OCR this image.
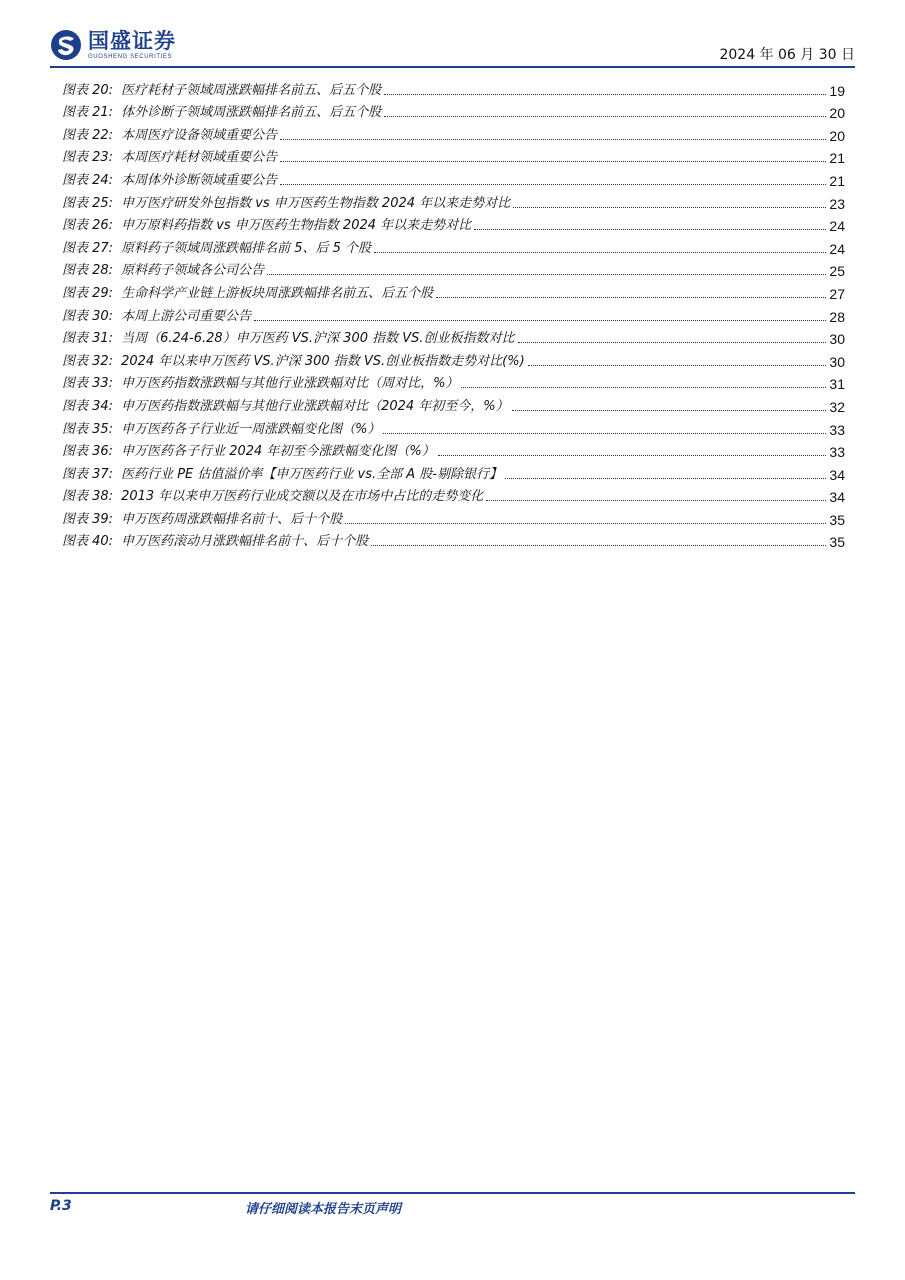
国盛证券
GUOSHENG SECURITIES	2024 年 06 月 30 日
图表 20: 医疗耗材子领域周涨跌幅排名前五、后五个股	19
图表 21: 体外诊断子领域周涨跌幅排名前五、后五个股	20
图表 22: 本周医疗设备领域重要公告	20
图表 23: 本周医疗耗材领域重要公告	21
图表 24: 本周体外诊断领域重要公告	21
图表 25: 申万医疗研发外包指数 vs 申万医药生物指数 2024 年以来走势对比	23
图表 26: 申万原料药指数 vs 申万医药生物指数 2024 年以来走势对比	24
图表 27: 原料药子领域周涨跌幅排名前 5、后 5 个股	24
图表 28: 原料药子领域各公司公告	25
图表 29: 生命科学产业链上游板块周涨跌幅排名前五、后五个股	27
图表 30: 本周上游公司重要公告	28
图表 31: 当周（6.24-6.28）申万医药 VS.沪深 300 指数 VS.创业板指数对比	30
图表 32: 2024 年以来申万医药 VS.沪深 300 指数 VS.创业板指数走势对比(%)	30
图表 33: 申万医药指数涨跌幅与其他行业涨跌幅对比（周对比，%）	31
图表 34: 申万医药指数涨跌幅与其他行业涨跌幅对比（2024 年初至今，%）	32
图表 35: 申万医药各子行业近一周涨跌幅变化图（%）	33
图表 36: 申万医药各子行业 2024 年初至今涨跌幅变化图（%）	33
图表 37: 医药行业 PE 估值溢价率【申万医药行业 vs.全部 A 股-剔除银行】	34
图表 38: 2013 年以来申万医药行业成交额以及在市场中占比的走势变化	34
图表 39: 申万医药周涨跌幅排名前十、后十个股	35
图表 40: 申万医药滚动月涨跌幅排名前十、后十个股	35
P.3	请仔细阅读本报告末页声明
